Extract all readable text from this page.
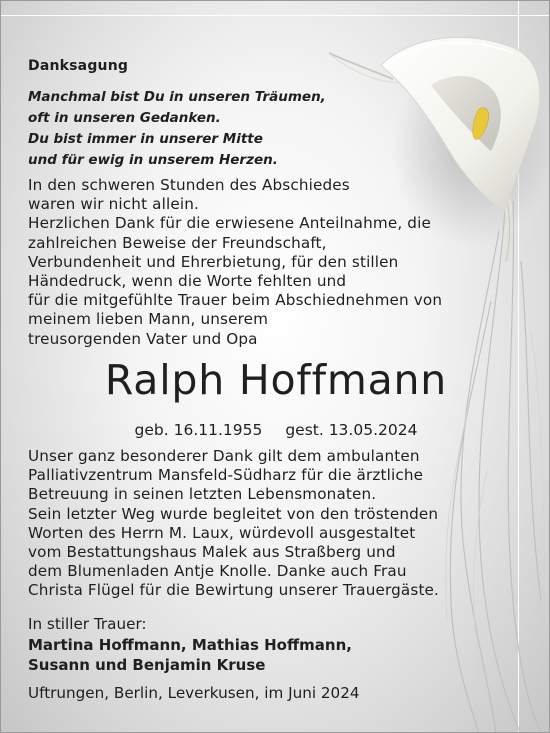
Danksagung
Manchmal bist Du in unseren Träumen,
oft in unseren Gedanken.
Du bist immer in unserer Mitte
und für ewig in unserem Herzen.
In den schweren Stunden des Abschiedes
waren wir nicht allein.
Herzlichen Dank für die erwiesene Anteilnahme, die
zahlreichen Beweise der Freundschaft,
Verbundenheit und Ehrerbietung, für den stillen
Händedruck, wenn die Worte fehlten und
für die mitgefühlte Trauer beim Abschiednehmen von
meinem lieben Mann, unserem
treusorgenden Vater und Opa
Ralph Hoffmann
geb. 16.11.1955 gest. 13.05.2024
Unser ganz besonderer Dank gilt dem ambulanten
Palliativzentrum Mansfeld-Südharz für die ärztliche
Betreuung in seinen letzten Lebensmonaten.
Sein letzter Weg wurde begleitet von den tröstenden
Worten des Herrn M. Laux, würdevoll ausgestaltet
vom Bestattungshaus Malek aus Straßberg und
dem Blumenladen Antje Knolle. Danke auch Frau
Christa Flügel für die Bewirtung unserer Trauergäste.
In stiller Trauer:
Martina Hoffmann, Mathias Hoffmann,
Susann und Benjamin Kruse
Uftrungen, Berlin, Leverkusen, im Juni 2024
